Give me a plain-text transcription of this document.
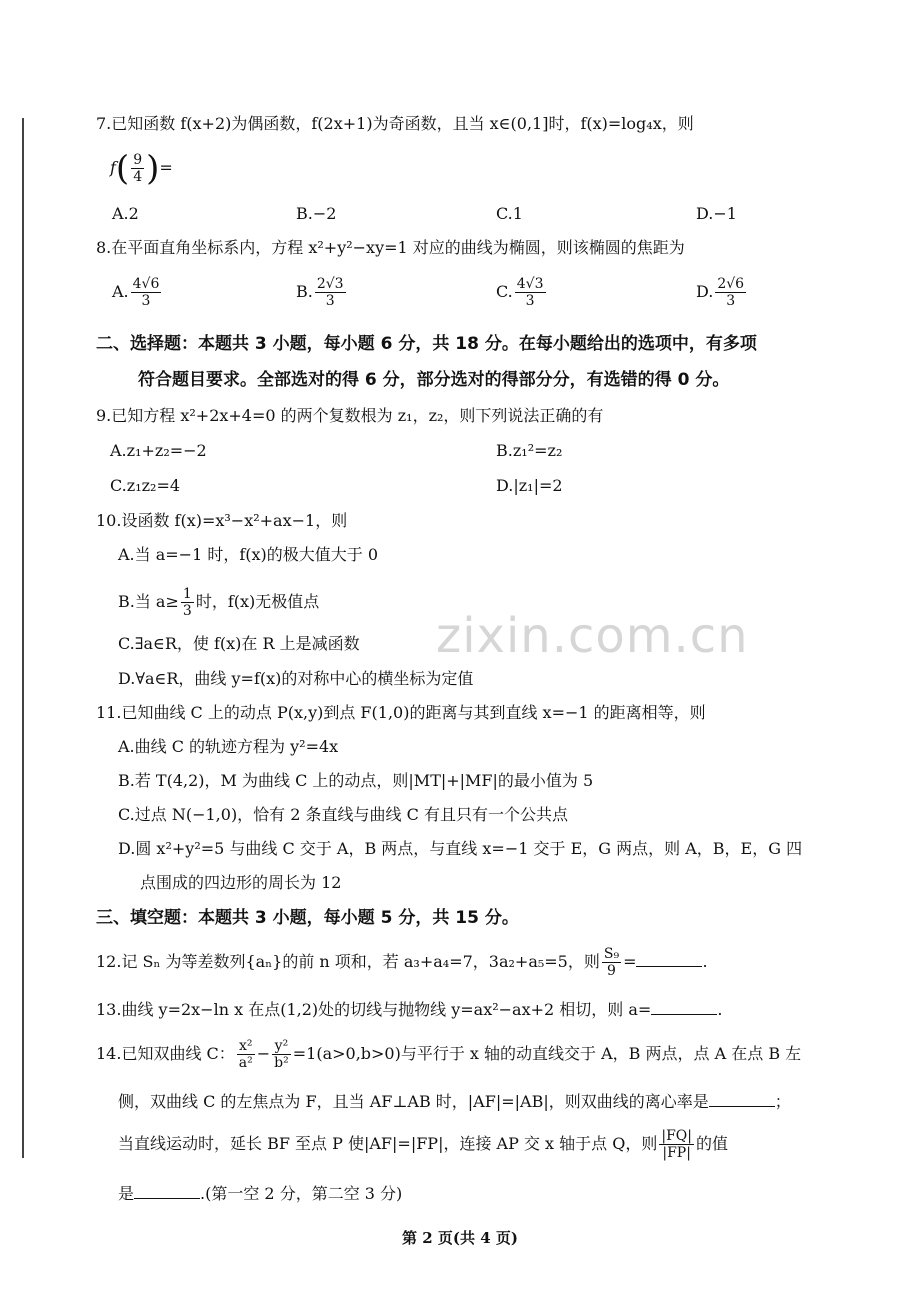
zixin.com.cn
7.已知函数 f(x+2)为偶函数，f(2x+1)为奇函数，且当 x∈(0,1]时，f(x)=log₄x，则
$f( \frac{9}{4}$ )=
A.2	B.−2	C.1	D.−1
8.在平面直角坐标系内，方程 x²+y²−xy=1 对应的曲线为椭圆，则该椭圆的焦距为
A. $\frac{4√6}{3}$	B. $\frac{2√3}{3}$	C. $\frac{4√3}{3}$	D. $\frac{2√6}{3}$
二、选择题：本题共 3 小题，每小题 6 分，共 18 分。在每小题给出的选项中，有多项
符合题目要求。全部选对的得 6 分，部分选对的得部分分，有选错的得 0 分。
9.已知方程 x²+2x+4=0 的两个复数根为 z₁，z₂，则下列说法正确的有
A.z₁+z₂=−2	B.z₁²=z₂
C.z₁z₂=4	D.|z₁|=2
10.设函数 f(x)=x³−x²+ax−1，则
A.当 a=−1 时，f(x)的极大值大于 0
B.当 $a\ge \frac{1}{3}$ 时，f(x)无极值点
C.∃a∈R，使 f(x)在 R 上是减函数
D.∀a∈R，曲线 y=f(x)的对称中心的横坐标为定值
11.已知曲线 C 上的动点 P(x,y)到点 F(1,0)的距离与其到直线 x=−1 的距离相等，则
A.曲线 C 的轨迹方程为 y²=4x
B.若 T(4,2)，M 为曲线 C 上的动点，则|MT|+|MF|的最小值为 5
C.过点 N(−1,0)，恰有 2 条直线与曲线 C 有且只有一个公共点
D.圆 x²+y²=5 与曲线 C 交于 A，B 两点，与直线 x=−1 交于 E，G 两点，则 A，B，E，G 四
点围成的四边形的周长为 12
三、填空题：本题共 3 小题，每小题 5 分，共 15 分。
12.记 Sₙ 为等差数列{aₙ}的前 n 项和，若 a₃+a₄=7，3a₂+a₅=5，则 $\frac{\text{S₉}}{9}$ =	.
13.曲线 y=2x−ln x 在点(1,2)处的切线与抛物线 y=ax²−ax+2 相切，则 a=	.
14.已知双曲线 C： $\frac{\text{x²}}{\text{a²}} - \frac{\text{y²}}{\text{b²}} =1(a>0,b>0)$与平行于 x 轴的动直线交于 A，B 两点，点 A 在点 B 左
侧，双曲线 C 的左焦点为 F，且当 AF⊥AB 时，|AF|=|AB|，则双曲线的离心率是	；
当直线运动时，延长 BF 至点 P 使|AF|=|FP|，连接 AP 交 x 轴于点 Q，则 $\frac{|FQ|}{|FP|}$ 的值
是	.(第一空 2 分，第二空 3 分)
第 2 页(共 4 页)
